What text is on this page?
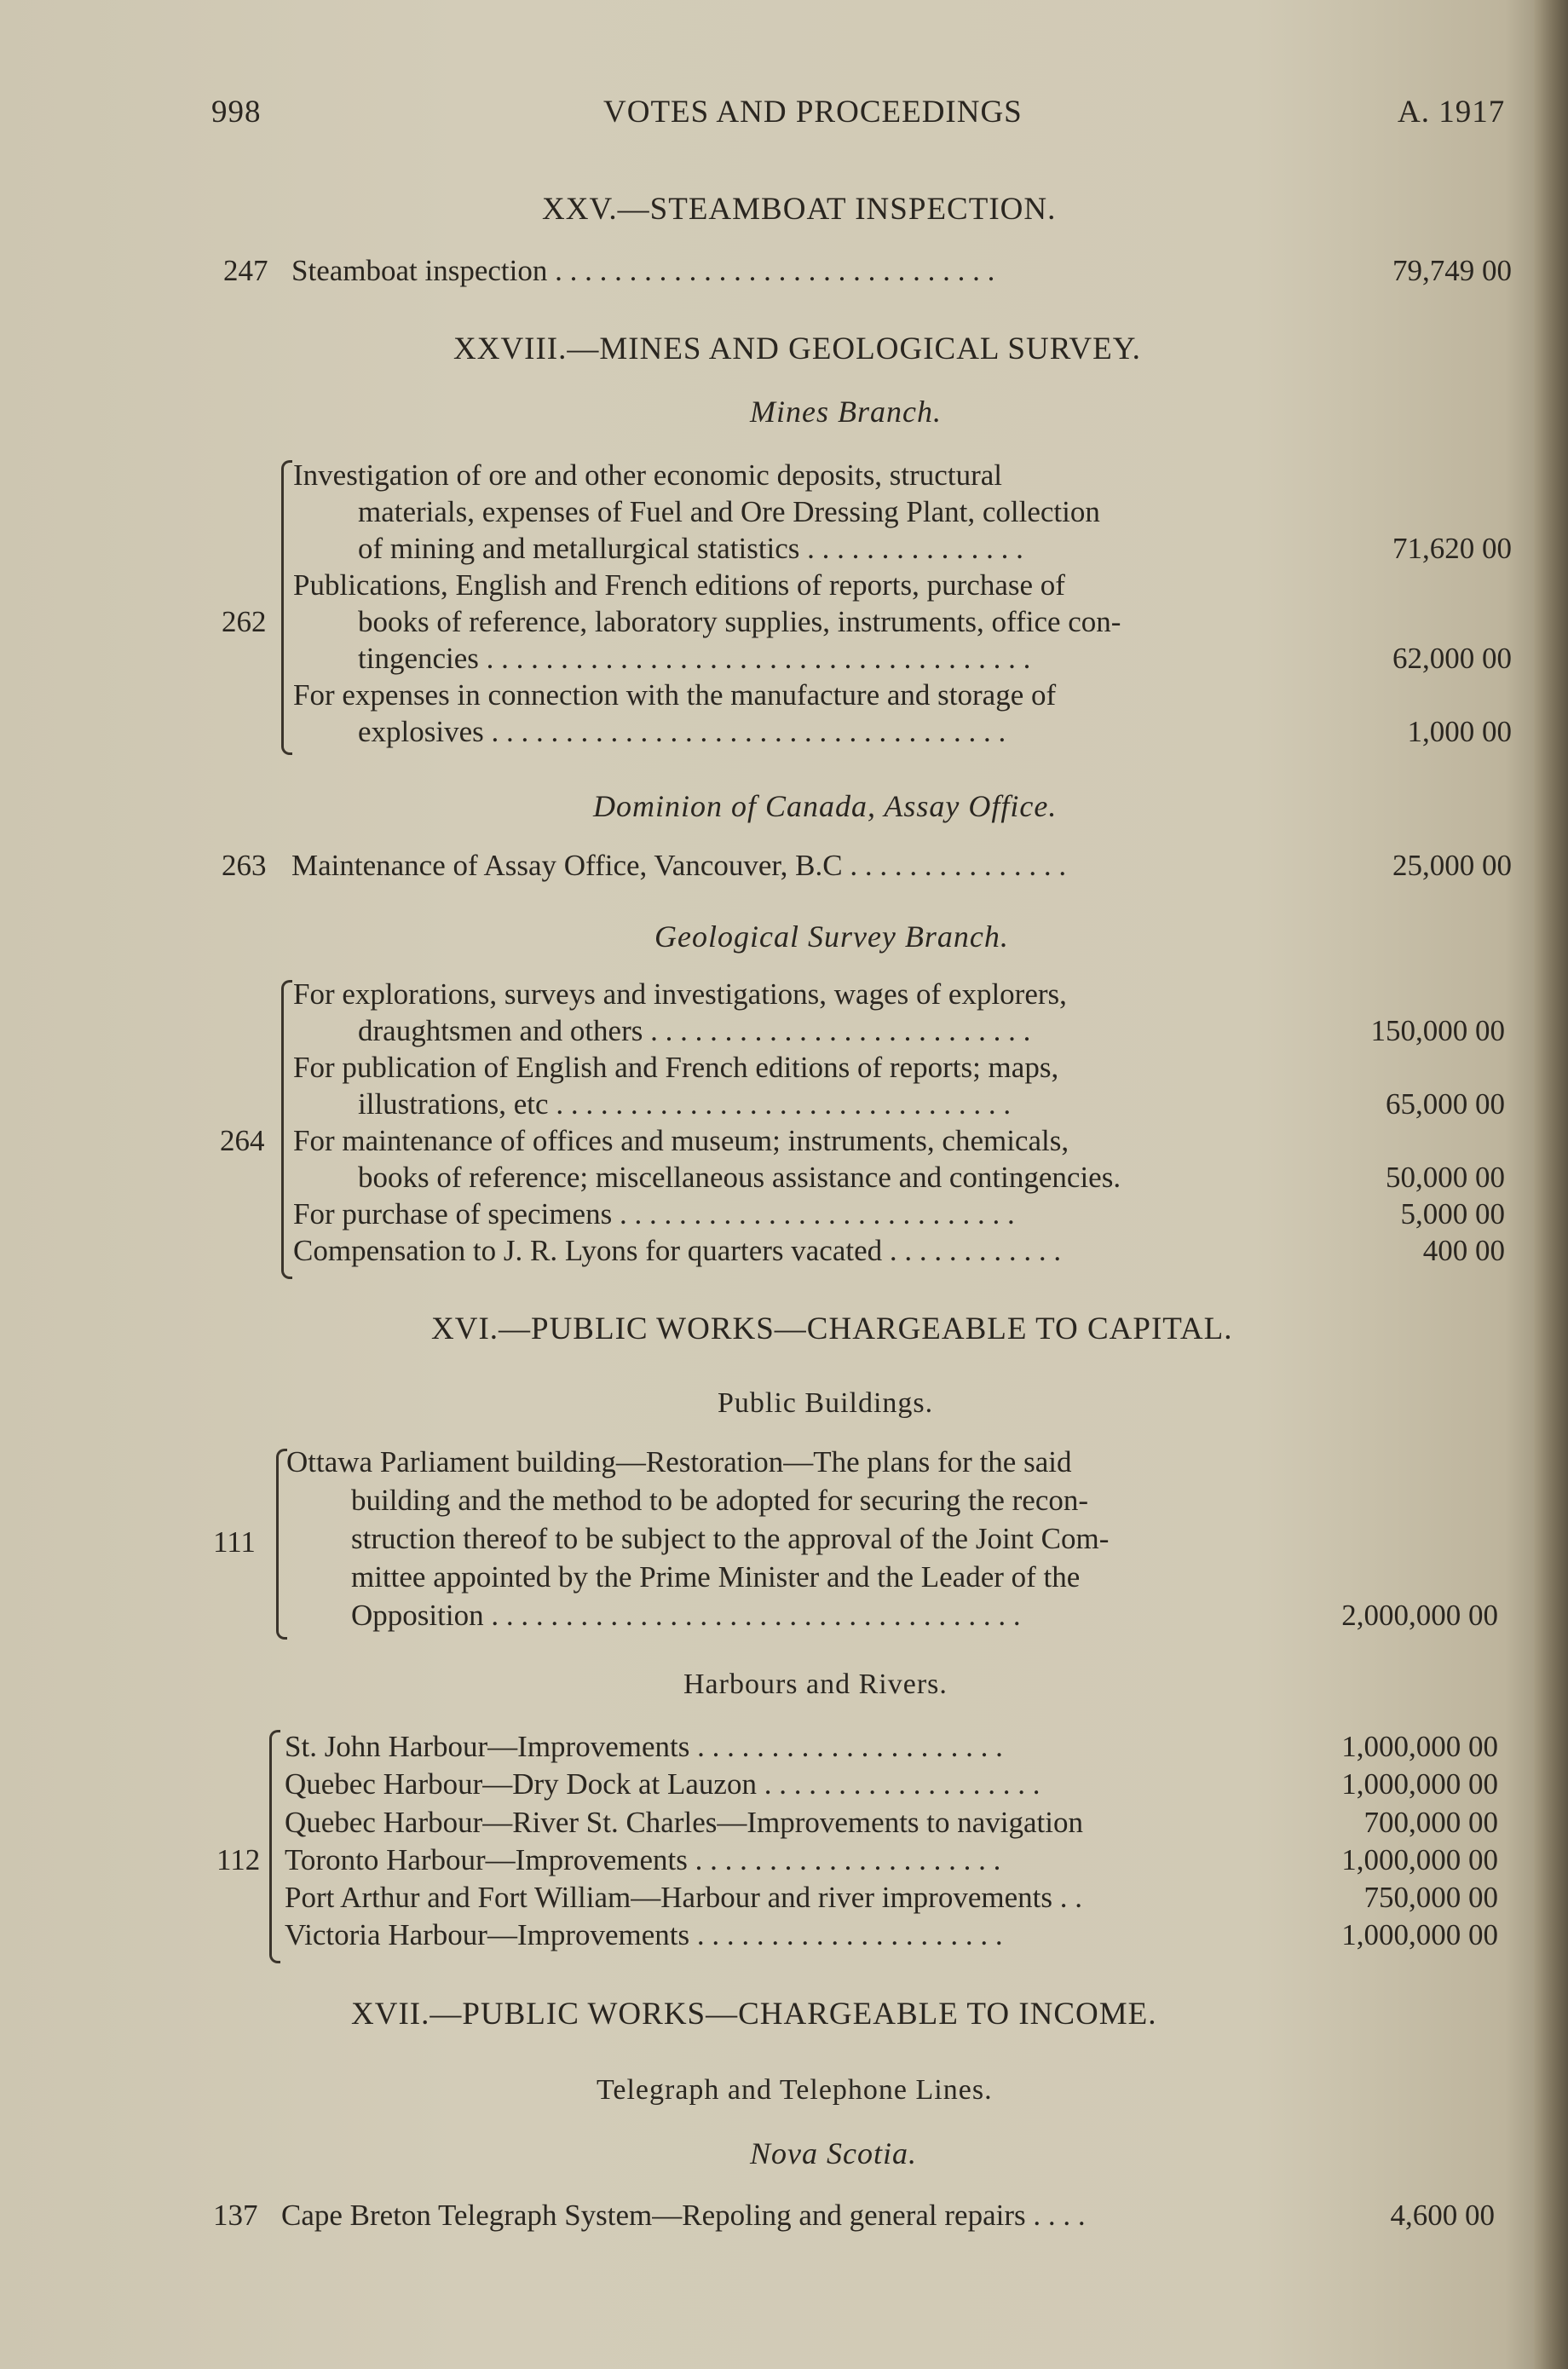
998	VOTES AND PROCEEDINGS	A. 1917
XXV.—STEAMBOAT INSPECTION.
247 Steamboat inspection . . . . . . . . . . . . . . . . . . . . . . . . . . . . . .	79,749 00
XXVIII.—MINES AND GEOLOGICAL SURVEY.
Mines Branch.
262
Investigation of ore and other economic deposits, structural
materials, expenses of Fuel and Ore Dressing Plant, collection
of mining and metallurgical statistics . . . . . . . . . . . . . . .	71,620 00
Publications, English and French editions of reports, purchase of
books of reference, laboratory supplies, instruments, office con-
tingencies . . . . . . . . . . . . . . . . . . . . . . . . . . . . . . . . . . . . .	62,000 00
For expenses in connection with the manufacture and storage of
explosives . . . . . . . . . . . . . . . . . . . . . . . . . . . . . . . . . . .	1,000 00
Dominion of Canada, Assay Office.
263 Maintenance of Assay Office, Vancouver, B.C . . . . . . . . . . . . . . .	25,000 00
Geological Survey Branch.
264
For explorations, surveys and investigations, wages of explorers,
draughtsmen and others . . . . . . . . . . . . . . . . . . . . . . . . . .	150,000 00
For publication of English and French editions of reports; maps,
illustrations, etc . . . . . . . . . . . . . . . . . . . . . . . . . . . . . . .	65,000 00
For maintenance of offices and museum; instruments, chemicals,
books of reference; miscellaneous assistance and contingencies.	50,000 00
For purchase of specimens . . . . . . . . . . . . . . . . . . . . . . . . . . .	5,000 00
Compensation to J. R. Lyons for quarters vacated . . . . . . . . . . . .	400 00
XVI.—PUBLIC WORKS—CHARGEABLE TO CAPITAL.
Public Buildings.
111
Ottawa Parliament building—Restoration—The plans for the said
building and the method to be adopted for securing the recon-
struction thereof to be subject to the approval of the Joint Com-
mittee appointed by the Prime Minister and the Leader of the
Opposition . . . . . . . . . . . . . . . . . . . . . . . . . . . . . . . . . . . .	2,000,000 00
Harbours and Rivers.
112
St. John Harbour—Improvements . . . . . . . . . . . . . . . . . . . . .	1,000,000 00
Quebec Harbour—Dry Dock at Lauzon . . . . . . . . . . . . . . . . . . .	1,000,000 00
Quebec Harbour—River St. Charles—Improvements to navigation	700,000 00
Toronto Harbour—Improvements . . . . . . . . . . . . . . . . . . . . .	1,000,000 00
Port Arthur and Fort William—Harbour and river improvements . .	750,000 00
Victoria Harbour—Improvements . . . . . . . . . . . . . . . . . . . . .	1,000,000 00
XVII.—PUBLIC WORKS—CHARGEABLE TO INCOME.
Telegraph and Telephone Lines.
Nova Scotia.
137 Cape Breton Telegraph System—Repoling and general repairs . . . .	4,600 00
